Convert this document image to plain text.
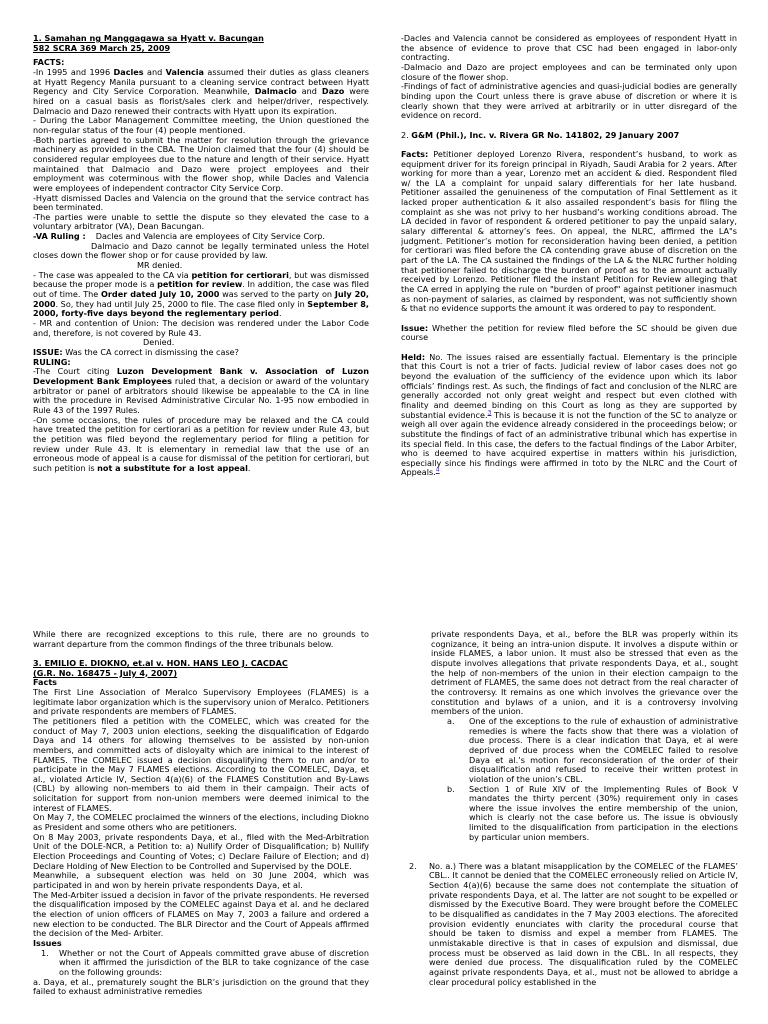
1. Samahan ng Manggagawa sa Hyatt v. Bacungan

582 SCRA 369 March 25, 2009

FACTS:

-In 1995 and 1996 Dacles and Valencia assumed their duties as glass cleaners at Hyatt Regency Manila pursuant to a cleaning service contract between Hyatt Regency and City Service Corporation. Meanwhile, Dalmacio and Dazo were hired on a casual basis as florist/sales clerk and helper/driver, respectively. Dalmacio and Dazo renewed their contracts with Hyatt upon its expiration.

- During the Labor Management Committee meeting, the Union questioned the non-regular status of the four (4) people mentioned.

-Both parties agreed to submit the matter for resolution through the grievance machinery as provided in the CBA. The Union claimed that the four (4) should be considered regular employees due to the nature and length of their service. Hyatt maintained that Dalmacio and Dazo were project employees and their employment was coterminous with the flower shop, while Dacles and Valencia were employees of independent contractor City Service Corp.

-Hyatt dismissed Dacles and Valencia on the ground that the service contract has been terminated.

-The parties were unable to settle the dispute so they elevated the case to a voluntary arbitrator (VA), Dean Bacungan.

-VA Ruling : Dacles and Valencia are employees of City Service Corp.

Dalmacio and Dazo cannot be legally terminated unless the Hotel closes down the flower shop or for cause provided by law.

MR denied.

- The case was appealed to the CA via petition for certiorari, but was dismissed because the proper mode is a petition for review. In addition, the case was filed out of time. The Order dated July 10, 2000 was served to the party on July 20, 2000. So, they had until July 25, 2000 to file. The case filed only in September 8, 2000, forty-five days beyond the reglementary period.

- MR and contention of Union: The decision was rendered under the Labor Code and, therefore, is not covered by Rule 43.

Denied.

ISSUE: Was the CA correct in dismissing the case?

RULING:

-The Court citing Luzon Development Bank v. Association of Luzon Development Bank Employees ruled that, a decision or award of the voluntary arbitrator or panel of arbitrators should likewise be appealable to the CA in line with the procedure in Revised Administrative Circular No. 1-95 now embodied in Rule 43 of the 1997 Rules.

-On some occasions, the rules of procedure may be relaxed and the CA could have treated the petition for certiorari as a petition for review under Rule 43, but the petition was filed beyond the reglementary period for filing a petition for review under Rule 43. It is elementary in remedial law that the use of an erroneous mode of appeal is a cause for dismissal of the petition for certiorari, but such petition is not a substitute for a lost appeal.

-Dacles and Valencia cannot be considered as employees of respondent Hyatt in the absence of evidence to prove that CSC had been engaged in labor-only contracting.

-Dalmacio and Dazo are project employees and can be terminated only upon closure of the flower shop.

-Findings of fact of administrative agencies and quasi-judicial bodies are generally binding upon the Court unless there is grave abuse of discretion or where it is clearly shown that they were arrived at arbitrarily or in utter disregard of the evidence on record.

2. G&M (Phil.), Inc. v. Rivera GR No. 141802, 29 January 2007

Facts: Petitioner deployed Lorenzo Rivera, respondent’s husband, to work as equipment driver for its foreign principal in Riyadh, Saudi Arabia for 2 years. After working for more than a year, Lorenzo met an accident & died. Respondent filed w/ the LA a complaint for unpaid salary differentials for her late husband. Petitioner assailed the genuineness of the computation of Final Settlement as it lacked proper authentication & it also assailed respondent’s basis for filing the complaint as she was not privy to her husband’s working conditions abroad. The LA decided in favor of respondent & ordered petitioner to pay the unpaid salary, salary differental & attorney’s fees. On appeal, the NLRC, affirmed the LA"s judgment. Petitioner’s motion for reconsideration having been denied, a petition for certiorari was filed before the CA contending grave abuse of discretion on the part of the LA. The CA sustained the findings of the LA & the NLRC further holding that petitioner failed to discharge the burden of proof as to the amount actually received by Lorenzo. Petitioner filed the instant Petition for Review alleging that the CA erred in applying the rule on "burden of proof" against petitioner inasmuch as non-payment of salaries, as claimed by respondent, was not sufficiently shown & that no evidence supports the amount it was ordered to pay to respondent.

Issue: Whether the petition for review filed before the SC should be given due course

Held: No. The issues raised are essentially factual. Elementary is the principle that this Court is not a trier of facts. Judicial review of labor cases does not go beyond the evaluation of the sufficiency of the evidence upon which its labor officials’ findings rest. As such, the findings of fact and conclusion of the NLRC are generally accorded not only great weight and respect but even clothed with finality and deemed binding on this Court as long as they are supported by substantial evidence.$^3$ This is because it is not the function of the SC to analyze or weigh all over again the evidence already considered in the proceedings below; or substitute the findings of fact of an administrative tribunal which has expertise in its special field. In this case, the defers to the factual findings of the Labor Arbiter, who is deemed to have acquired expertise in matters within his jurisdiction, especially since his findings were affirmed in toto by the NLRC and the Court of Appeals.$^4$

While there are recognized exceptions to this rule, there are no grounds to warrant departure from the common findings of the three tribunals below.

3. EMILIO E. DIOKNO, et.al v. HON. HANS LEO J. CACDAC

(G.R. No. 168475 - July 4, 2007)

Facts

The First Line Association of Meralco Supervisory Employees (FLAMES) is a legitimate labor organization which is the supervisory union of Meralco. Petitioners and private respondents are members of FLAMES.

The petitioners filed a petition with the COMELEC, which was created for the conduct of May 7, 2003 union elections, seeking the disqualification of Edgardo Daya and 14 others for allowing themselves to be assisted by non-union members, and committed acts of disloyalty which are inimical to the interest of FLAMES. The COMELEC issued a decision disqualifying them to run and/or to participate in the May 7 FLAMES elections. According to the COMELEC, Daya, et al., violated Article IV, Section 4(a)(6) of the FLAMES Constitution and By-Laws (CBL) by allowing non-members to aid them in their campaign. Their acts of solicitation for support from non-union members were deemed inimical to the interest of FLAMES.

On May 7, the COMELEC proclaimed the winners of the elections, including Diokno as President and some others who are petitioners.

On 8 May 2003, private respondents Daya, et al., filed with the Med-Arbitration Unit of the DOLE-NCR, a Petition to: a) Nullify Order of Disqualification; b) Nullify Election Proceedings and Counting of Votes; c) Declare Failure of Election; and d) Declare Holding of New Election to be Controlled and Supervised by the DOLE.

Meanwhile, a subsequent election was held on 30 June 2004, which was participated in and won by herein private respondents Daya, et al.

The Med-Arbiter issued a decision in favor of the private respondents. He reversed the disqualification imposed by the COMELEC against Daya et al. and he declared the election of union officers of FLAMES on May 7, 2003 a failure and ordered a new election to be conducted. The BLR Director and the Court of Appeals affirmed the decision of the Med- Arbiter.

Issues

1.	Whether or not the Court of Appeals committed grave abuse of discretion when it affirmed the jurisdiction of the BLR to take cognizance of the case on the following grounds:

a. Daya, et al., prematurely sought the BLR’s jurisdiction on the ground that they failed to exhaust administrative remedies

private respondents Daya, et al., before the BLR was properly within its cognizance, it being an intra-union dispute. It involves a dispute within or inside FLAMES, a labor union. It must also be stressed that even as the dispute involves allegations that private respondents Daya, et al., sought the help of non-members of the union in their election campaign to the detriment of FLAMES, the same does not detract from the real character of the controversy. It remains as one which involves the grievance over the constitution and bylaws of a union, and it is a controversy involving members of the union.

a.	One of the exceptions to the rule of exhaustion of administrative remedies is where the facts show that there was a violation of due process. There is a clear indication that Daya, et al were deprived of due process when the COMELEC failed to resolve Daya et al.’s motion for reconsideration of the order of their disqualification and refused to receive their written protest in violation of the union’s CBL.
b.	Section 1 of Rule XIV of the Implementing Rules of Book V mandates the thirty percent (30%) requirement only in cases where the issue involves the entire membership of the union, which is clearly not the case before us. The issue is obviously limited to the disqualification from participation in the elections by particular union members.
2.	No. a.) There was a blatant misapplication by the COMELEC of the FLAMES’ CBL.. It cannot be denied that the COMELEC erroneously relied on Article IV, Section 4(a)(6) because the same does not contemplate the situation of private respondents Daya, et al. The latter are not sought to be expelled or dismissed by the Executive Board. They were brought before the COMELEC to be disqualified as candidates in the 7 May 2003 elections. The aforecited provision evidently enunciates with clarity the procedural course that should be taken to dismiss and expel a member from FLAMES. The unmistakable directive is that in cases of expulsion and dismissal, due process must be observed as laid down in the CBL. In all respects, they were denied due process. The disqualification ruled by the COMELEC against private respondents Daya, et al., must not be allowed to abridge a clear procedural policy established in the
